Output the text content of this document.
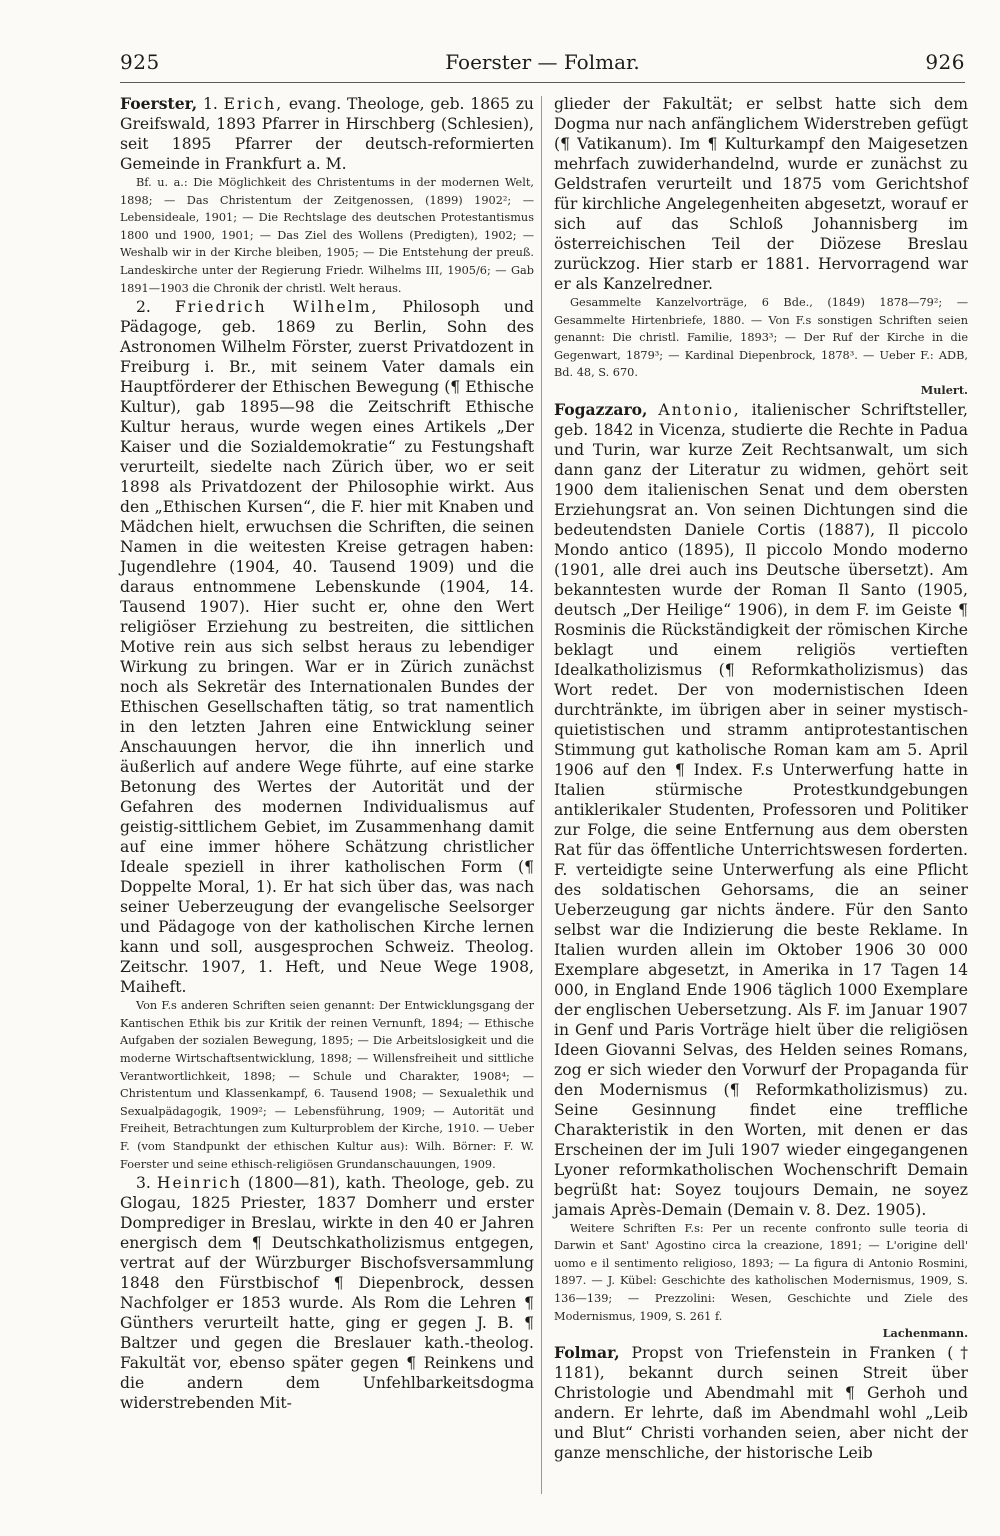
925	Foerster — Folmar.	926

Foerster, 1. Erich, evang. Theologe, geb. 1865 zu Greifswald, 1893 Pfarrer in Hirschberg (Schlesien), seit 1895 Pfarrer der deutsch-reformierten Gemeinde in Frankfurt a. M.

Bf. u. a.: Die Möglichkeit des Christentums in der modernen Welt, 1898; — Das Christentum der Zeitgenossen, (1899) 1902²; — Lebensideale, 1901; — Die Rechtslage des deutschen Protestantismus 1800 und 1900, 1901; — Das Ziel des Wollens (Predigten), 1902; — Weshalb wir in der Kirche bleiben, 1905; — Die Entstehung der preuß. Landeskirche unter der Regierung Friedr. Wilhelms III, 1905/6; — Gab 1891—1903 die Chronik der christl. Welt heraus.

2. Friedrich Wilhelm, Philosoph und Pädagoge, geb. 1869 zu Berlin, Sohn des Astronomen Wilhelm Förster, zuerst Privatdozent in Freiburg i. Br., mit seinem Vater damals ein Hauptförderer der Ethischen Bewegung (¶ Ethische Kultur), gab 1895—98 die Zeitschrift Ethische Kultur heraus, wurde wegen eines Artikels „Der Kaiser und die Sozialdemokratie“ zu Festungshaft verurteilt, siedelte nach Zürich über, wo er seit 1898 als Privatdozent der Philosophie wirkt. Aus den „Ethischen Kursen“, die F. hier mit Knaben und Mädchen hielt, erwuchsen die Schriften, die seinen Namen in die weitesten Kreise getragen haben: Jugendlehre (1904, 40. Tausend 1909) und die daraus entnommene Lebenskunde (1904, 14. Tausend 1907). Hier sucht er, ohne den Wert religiöser Erziehung zu bestreiten, die sittlichen Motive rein aus sich selbst heraus zu lebendiger Wirkung zu bringen. War er in Zürich zunächst noch als Sekretär des Internationalen Bundes der Ethischen Gesellschaften tätig, so trat namentlich in den letzten Jahren eine Entwicklung seiner Anschauungen hervor, die ihn innerlich und äußerlich auf andere Wege führte, auf eine starke Betonung des Wertes der Autorität und der Gefahren des modernen Individualismus auf geistig-sittlichem Gebiet, im Zusammenhang damit auf eine immer höhere Schätzung christlicher Ideale speziell in ihrer katholischen Form (¶ Doppelte Moral, 1). Er hat sich über das, was nach seiner Ueberzeugung der evangelische Seelsorger und Pädagoge von der katholischen Kirche lernen kann und soll, ausgesprochen Schweiz. Theolog. Zeitschr. 1907, 1. Heft, und Neue Wege 1908, Maiheft.

Von F.s anderen Schriften seien genannt: Der Entwicklungsgang der Kantischen Ethik bis zur Kritik der reinen Vernunft, 1894; — Ethische Aufgaben der sozialen Bewegung, 1895; — Die Arbeitslosigkeit und die moderne Wirtschaftsentwicklung, 1898; — Willensfreiheit und sittliche Verantwortlichkeit, 1898; — Schule und Charakter, 1908⁴; — Christentum und Klassenkampf, 6. Tausend 1908; — Sexualethik und Sexualpädagogik, 1909²; — Lebensführung, 1909; — Autorität und Freiheit, Betrachtungen zum Kulturproblem der Kirche, 1910. — Ueber F. (vom Standpunkt der ethischen Kultur aus): Wilh. Börner: F. W. Foerster und seine ethisch-religiösen Grundanschauungen, 1909.

3. Heinrich (1800—81), kath. Theologe, geb. zu Glogau, 1825 Priester, 1837 Domherr und erster Domprediger in Breslau, wirkte in den 40 er Jahren energisch dem ¶ Deutschkatholizismus entgegen, vertrat auf der Würzburger Bischofsversammlung 1848 den Fürstbischof ¶ Diepenbrock, dessen Nachfolger er 1853 wurde. Als Rom die Lehren ¶ Günthers verurteilt hatte, ging er gegen J. B. ¶ Baltzer und gegen die Breslauer kath.-theolog. Fakultät vor, ebenso später gegen ¶ Reinkens und die andern dem Unfehlbarkeitsdogma widerstrebenden Mit-

glieder der Fakultät; er selbst hatte sich dem Dogma nur nach anfänglichem Widerstreben gefügt (¶ Vatikanum). Im ¶ Kulturkampf den Maigesetzen mehrfach zuwiderhandelnd, wurde er zunächst zu Geldstrafen verurteilt und 1875 vom Gerichtshof für kirchliche Angelegenheiten abgesetzt, worauf er sich auf das Schloß Johannisberg im österreichischen Teil der Diözese Breslau zurückzog. Hier starb er 1881. Hervorragend war er als Kanzelredner.

Gesammelte Kanzelvorträge, 6 Bde., (1849) 1878—79²; — Gesammelte Hirtenbriefe, 1880. — Von F.s sonstigen Schriften seien genannt: Die christl. Familie, 1893³; — Der Ruf der Kirche in die Gegenwart, 1879³; — Kardinal Diepenbrock, 1878³. — Ueber F.: ADB, Bd. 48, S. 670.
Mulert.

Fogazzaro, Antonio, italienischer Schriftsteller, geb. 1842 in Vicenza, studierte die Rechte in Padua und Turin, war kurze Zeit Rechtsanwalt, um sich dann ganz der Literatur zu widmen, gehört seit 1900 dem italienischen Senat und dem obersten Erziehungsrat an. Von seinen Dichtungen sind die bedeutendsten Daniele Cortis (1887), Il piccolo Mondo antico (1895), Il piccolo Mondo moderno (1901, alle drei auch ins Deutsche übersetzt). Am bekanntesten wurde der Roman Il Santo (1905, deutsch „Der Heilige“ 1906), in dem F. im Geiste ¶ Rosminis die Rückständigkeit der römischen Kirche beklagt und einem religiös vertieften Idealkatholizismus (¶ Reformkatholizismus) das Wort redet. Der von modernistischen Ideen durchtränkte, im übrigen aber in seiner mystisch-quietistischen und stramm antiprotestantischen Stimmung gut katholische Roman kam am 5. April 1906 auf den ¶ Index. F.s Unterwerfung hatte in Italien stürmische Protestkundgebungen antiklerikaler Studenten, Professoren und Politiker zur Folge, die seine Entfernung aus dem obersten Rat für das öffentliche Unterrichtswesen forderten. F. verteidigte seine Unterwerfung als eine Pflicht des soldatischen Gehorsams, die an seiner Ueberzeugung gar nichts ändere. Für den Santo selbst war die Indizierung die beste Reklame. In Italien wurden allein im Oktober 1906 30 000 Exemplare abgesetzt, in Amerika in 17 Tagen 14 000, in England Ende 1906 täglich 1000 Exemplare der englischen Uebersetzung. Als F. im Januar 1907 in Genf und Paris Vorträge hielt über die religiösen Ideen Giovanni Selvas, des Helden seines Romans, zog er sich wieder den Vorwurf der Propaganda für den Modernismus (¶ Reformkatholizismus) zu. Seine Gesinnung findet eine treffliche Charakteristik in den Worten, mit denen er das Erscheinen der im Juli 1907 wieder eingegangenen Lyoner reformkatholischen Wochenschrift Demain begrüßt hat: Soyez toujours Demain, ne soyez jamais Après-Demain (Demain v. 8. Dez. 1905).

Weitere Schriften F.s: Per un recente confronto sulle teoria di Darwin et Sant' Agostino circa la creazione, 1891; — L'origine dell' uomo e il sentimento religioso, 1893; — La figura di Antonio Rosmini, 1897. — J. Kübel: Geschichte des katholischen Modernismus, 1909, S. 136—139; — Prezzolini: Wesen, Geschichte und Ziele des Modernismus, 1909, S. 261 f.
Lachenmann.

Folmar, Propst von Triefenstein in Franken († 1181), bekannt durch seinen Streit über Christologie und Abendmahl mit ¶ Gerhoh und andern. Er lehrte, daß im Abendmahl wohl „Leib und Blut“ Christi vorhanden seien, aber nicht der ganze menschliche, der historische Leib
